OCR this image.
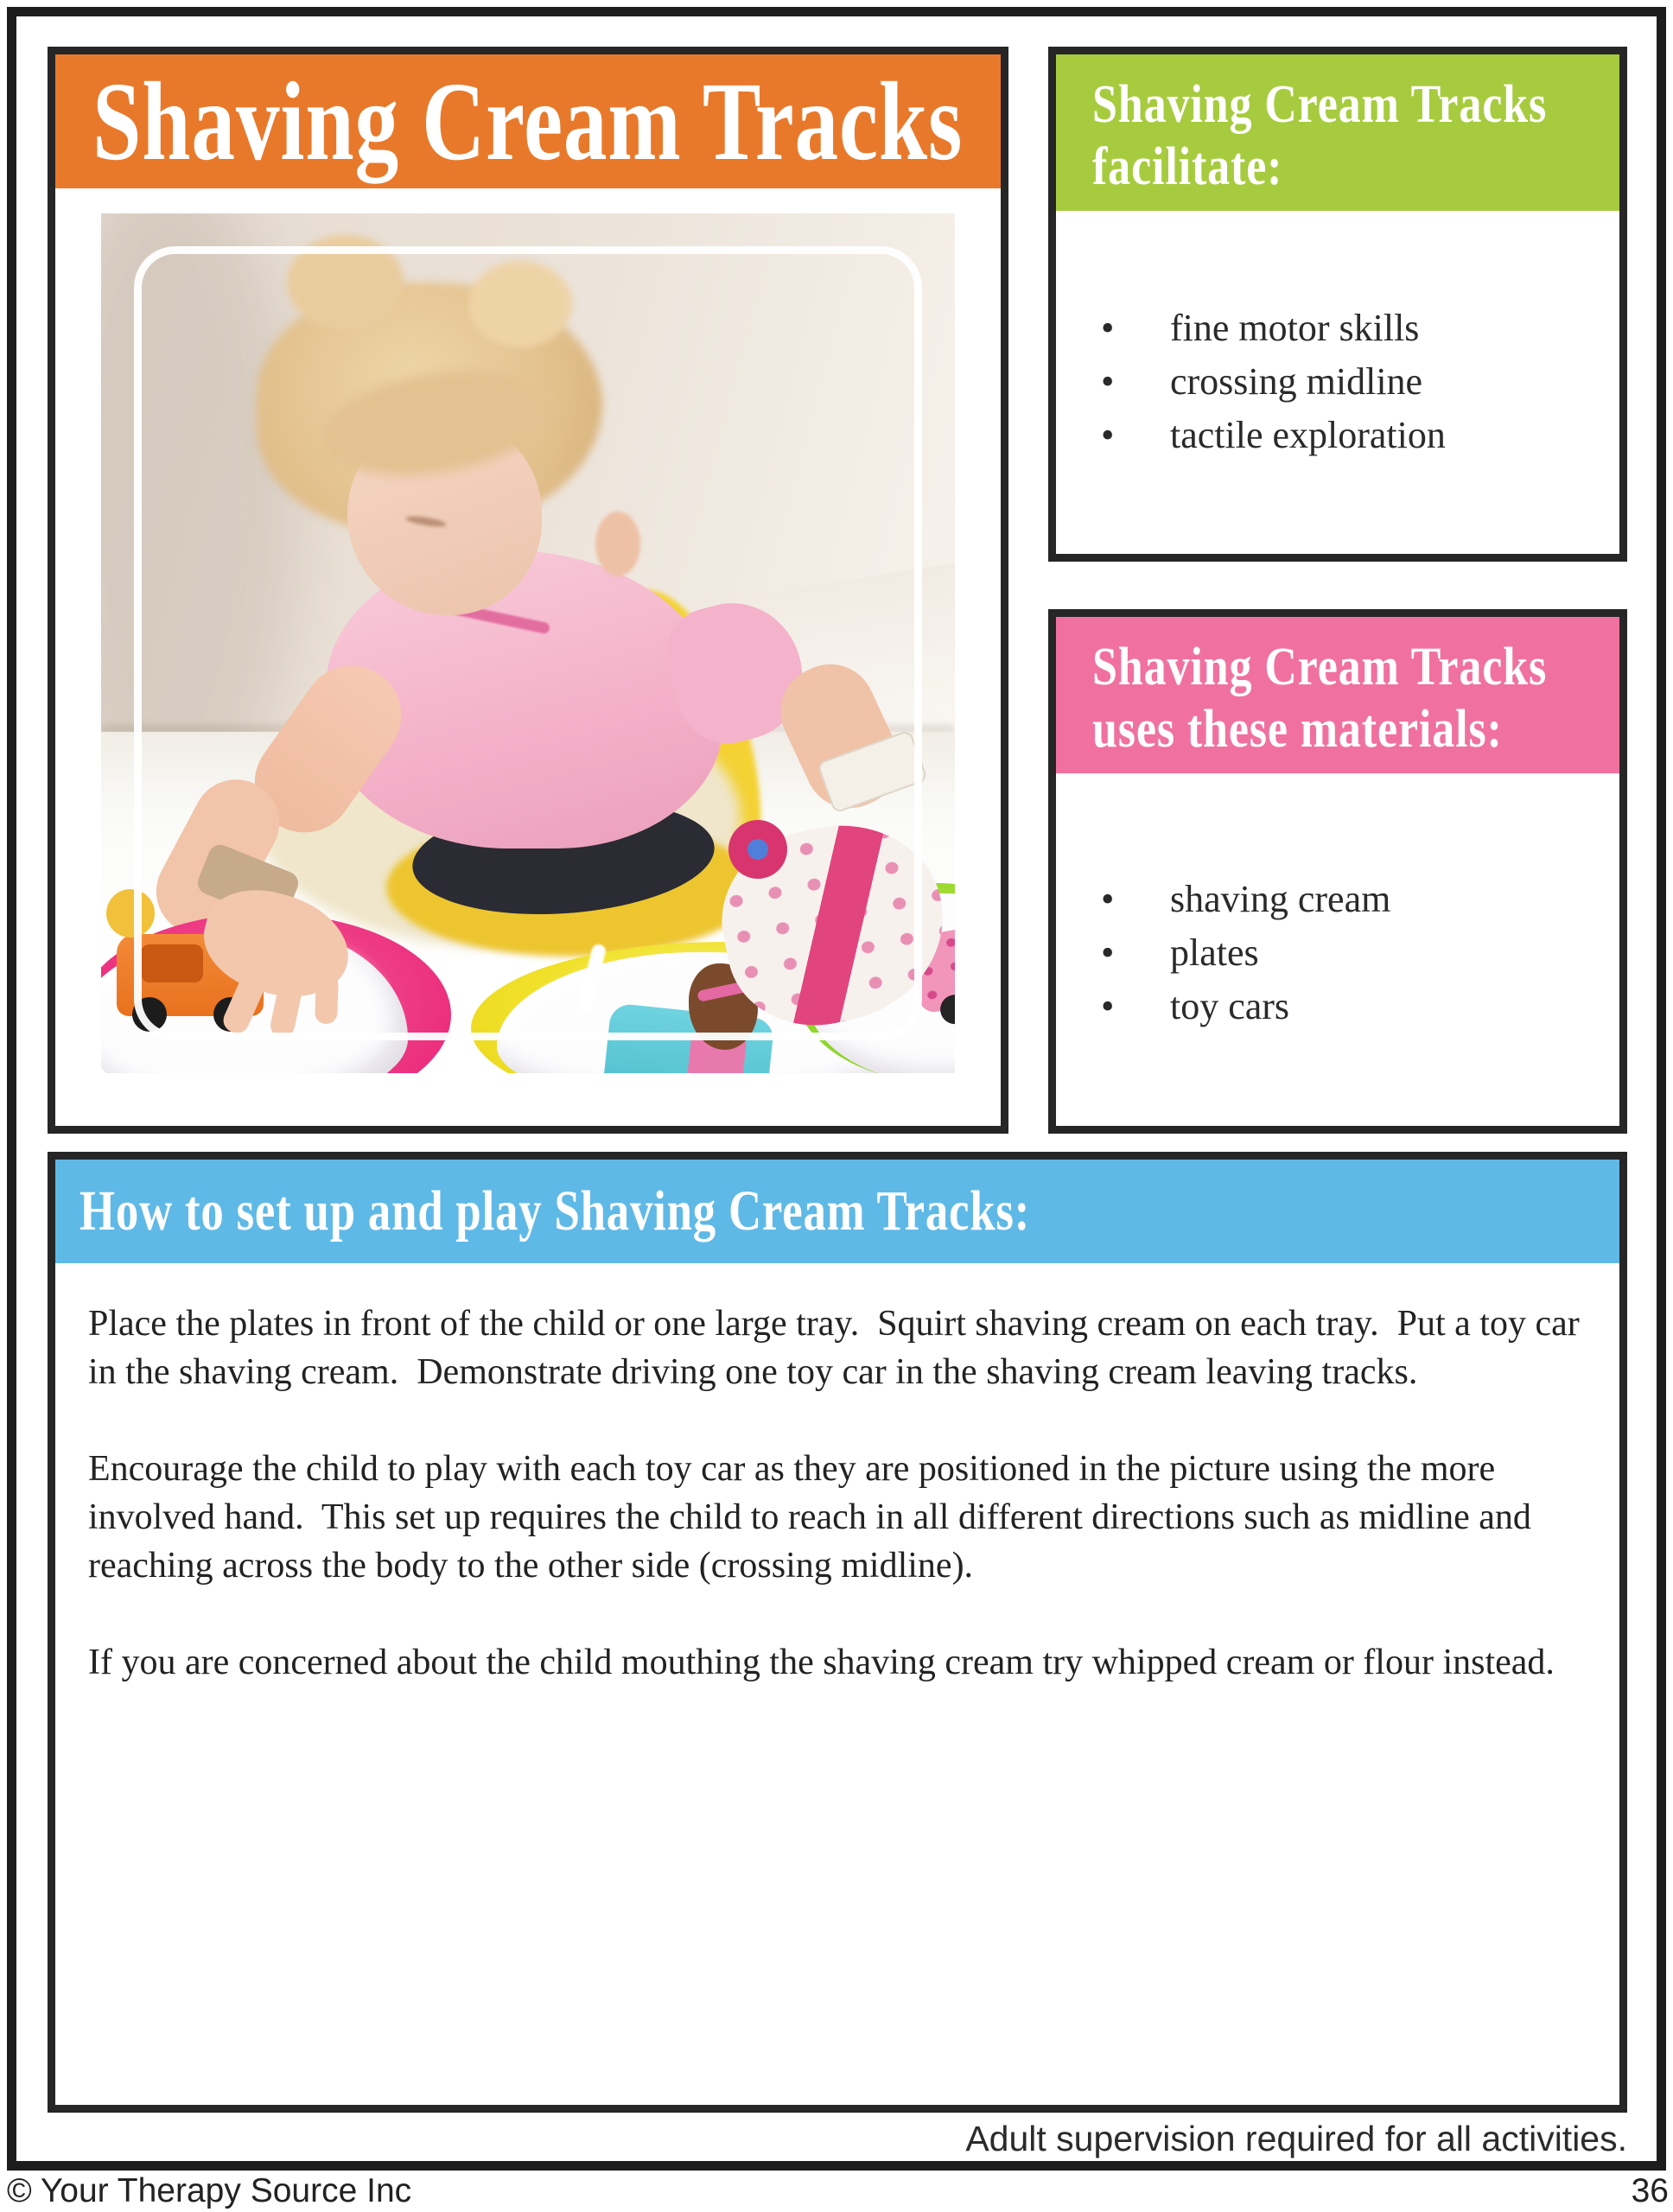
Shaving Cream Tracks Shaving Cream Tracks facilitate:
• fine motor skills
• crossing midline
• tactile exploration
Shaving Cream Tracks uses these materials:
• shaving cream
• plates
• toy cars
How to set up and play Shaving Cream Tracks:

Place the plates in front of the child or one large tray.  Squirt shaving cream on each tray.  Put a toy car in the shaving cream.  Demonstrate driving one toy car in the shaving cream leaving tracks.

Encourage the child to play with each toy car as they are positioned in the picture using the more involved hand.  This set up requires the child to reach in all different directions such as midline and reaching across the body to the other side (crossing midline).

If you are concerned about the child mouthing the shaving cream try whipped cream or flour instead.

Adult supervision required for all activities.
© Your Therapy Source Inc	36
